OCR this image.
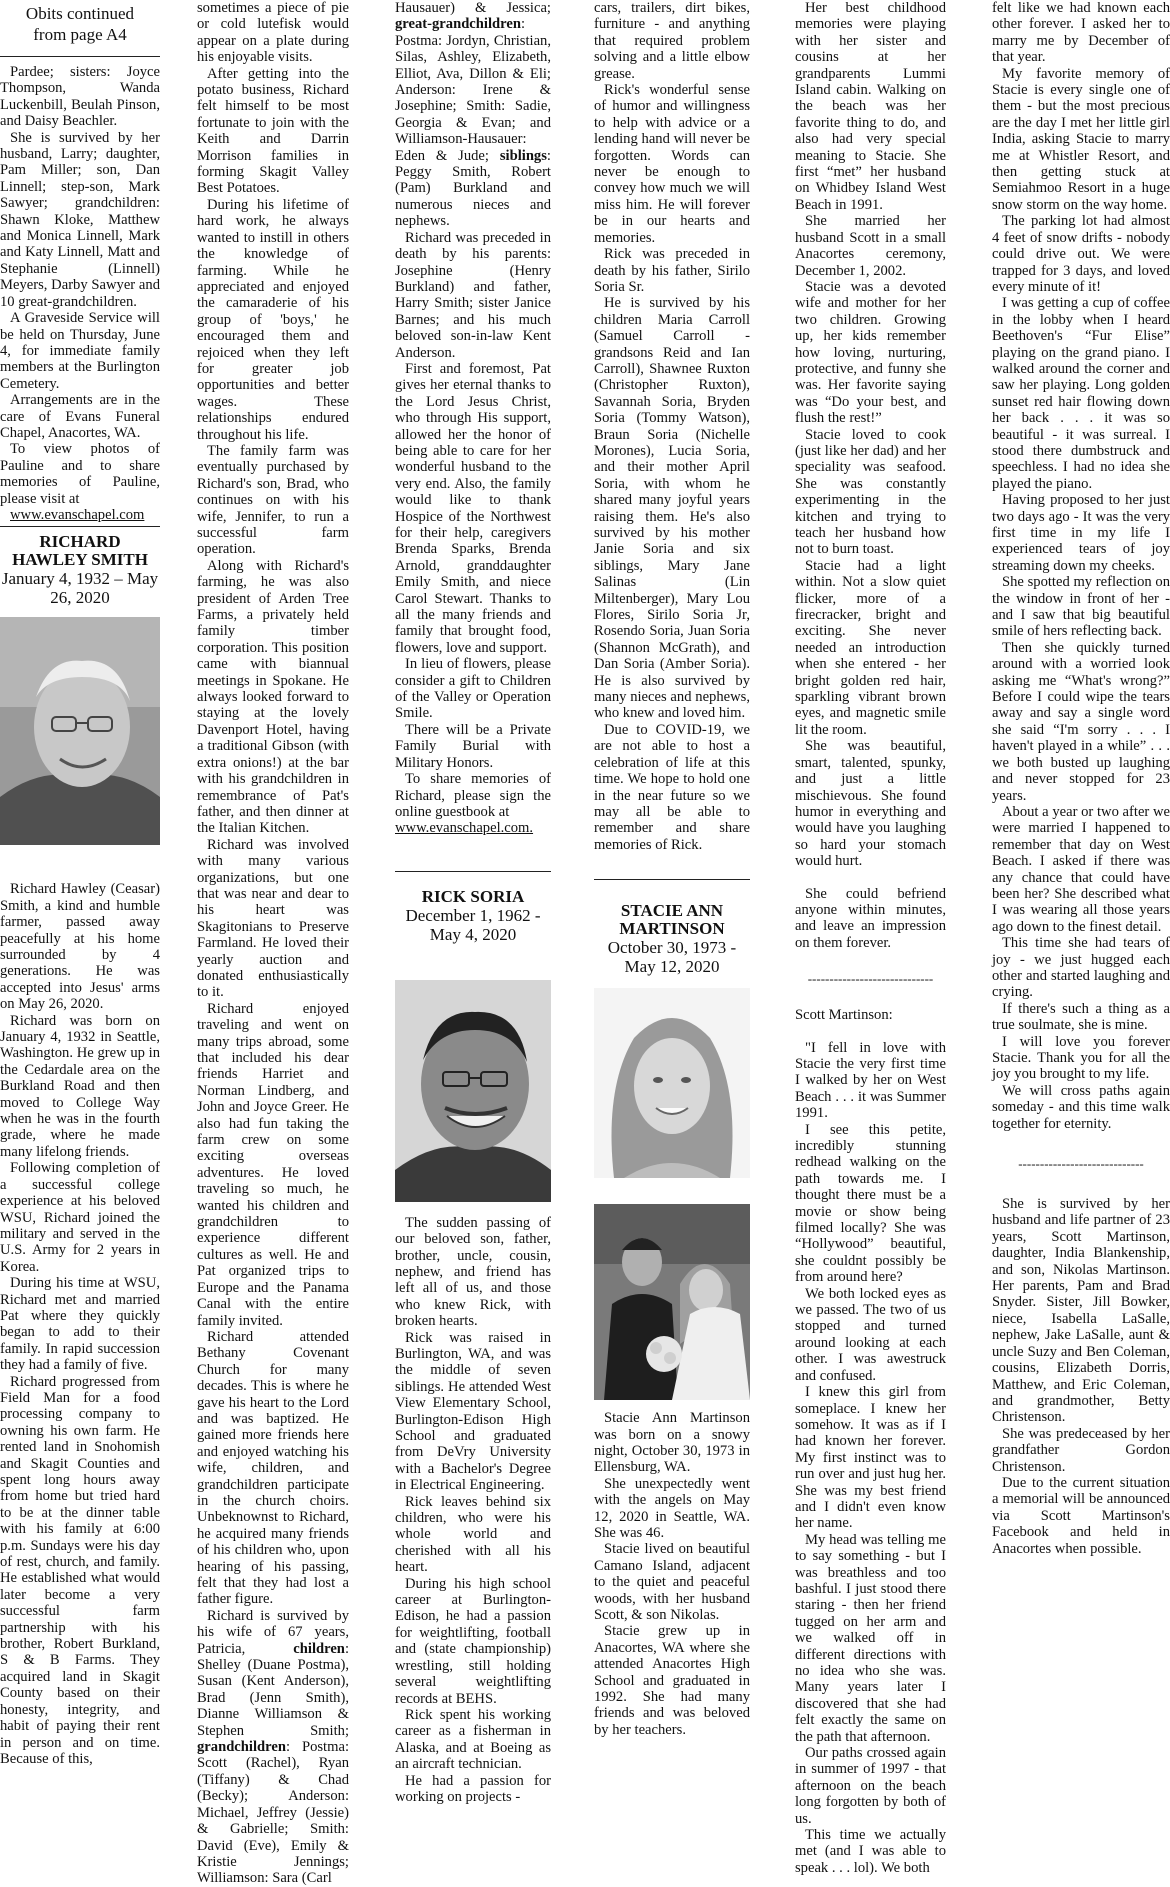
Obits continued
from page A4

Pardee; sisters: Joyce Thompson, Wanda Luckenbill, Beulah Pinson, and Daisy Beachler.

She is survived by her husband, Larry; daughter, Pam Miller; son, Dan Linnell; step-son, Mark Sawyer; grandchildren: Shawn Kloke, Matthew and Monica Linnell, Mark and Katy Linnell, Matt and Stephanie (Linnell) Meyers, Darby Sawyer and 10 great-grandchildren.

A Graveside Service will be held on Thursday, June 4, for immediate family members at the Burlington Cemetery.

Arrangements are in the care of Evans Funeral Chapel, Anacortes, WA.

To view photos of Pauline and to share memories of Pauline, please visit at

www.evanschapel.com

RICHARD HAWLEY SMITH
January 4, 1932 – May 26, 2020

Richard Hawley (Ceasar) Smith, a kind and humble farmer, passed away peacefully at his home surrounded by 4 generations. He was accepted into Jesus' arms on May 26, 2020.

Richard was born on January 4, 1932 in Seattle, Washington. He grew up in the Cedardale area on the Burkland Road and then moved to College Way when he was in the fourth grade, where he made many lifelong friends.

Following completion of a successful college experience at his beloved WSU, Richard joined the military and served in the U.S. Army for 2 years in Korea.

During his time at WSU, Richard met and married Pat where they quickly began to add to their family. In rapid succession they had a family of five.

Richard progressed from Field Man for a food processing company to owning his own farm. He rented land in Snohomish and Skagit Counties and spent long hours away from home but tried hard to be at the dinner table with his family at 6:00 p.m. Sundays were his day of rest, church, and family. He established what would later become a very successful farm partnership with his brother, Robert Burkland, S & B Farms. They acquired land in Skagit County based on their honesty, integrity, and habit of paying their rent in person and on time. Because of this,

sometimes a piece of pie or cold lutefisk would appear on a plate during his enjoyable visits.

After getting into the potato business, Richard felt himself to be most fortunate to join with the Keith and Darrin Morrison families in forming Skagit Valley Best Potatoes.

During his lifetime of hard work, he always wanted to instill in others the knowledge of farming. While he appreciated and enjoyed the camaraderie of his group of 'boys,' he encouraged them and rejoiced when they left for greater job opportunities and better wages. These relationships endured throughout his life.

The family farm was eventually purchased by Richard's son, Brad, who continues on with his wife, Jennifer, to run a successful farm operation.

Along with Richard's farming, he was also president of Arden Tree Farms, a privately held family timber corporation. This position came with biannual meetings in Spokane. He always looked forward to staying at the lovely Davenport Hotel, having a traditional Gibson (with extra onions!) at the bar with his grandchildren in remembrance of Pat's father, and then dinner at the Italian Kitchen.

Richard was involved with many various organizations, but one that was near and dear to his heart was Skagitonians to Preserve Farmland. He loved their yearly auction and donated enthusiastically to it.

Richard enjoyed traveling and went on many trips abroad, some that included his dear friends Harriet and Norman Lindberg, and John and Joyce Greer. He also had fun taking the farm crew on some exciting overseas adventures. He loved traveling so much, he wanted his children and grandchildren to experience different cultures as well. He and Pat organized trips to Europe and the Panama Canal with the entire family invited.

Richard attended Bethany Covenant Church for many decades. This is where he gave his heart to the Lord and was baptized. He gained more friends here and enjoyed watching his wife, children, and grandchildren participate in the church choirs. Unbeknownst to Richard, he acquired many friends of his children who, upon hearing of his passing, felt that they had lost a father figure.

Richard is survived by his wife of 67 years, Patricia,	children: Shelley (Duane Postma), Susan (Kent Anderson), Brad (Jenn Smith), Dianne Williamson & Stephen Smith; grandchildren: Postma: Scott (Rachel), Ryan (Tiffany) & Chad (Becky); Anderson: Michael, Jeffrey (Jessie) & Gabrielle; Smith: David (Eve), Emily & Kristie Jennings; Williamson: Sara (Carl

Hausauer) & Jessica; great-grandchildren: Postma: Jordyn, Christian, Silas, Ashley, Elizabeth, Elliot, Ava, Dillon & Eli; Anderson: Irene & Josephine; Smith: Sadie, Georgia & Evan; and Williamson-Hausauer: Eden & Jude; siblings: Peggy Smith, Robert (Pam) Burkland and numerous nieces and nephews.

Richard was preceded in death by his parents: Josephine (Henry Burkland) and father, Harry Smith; sister Janice Barnes; and his much beloved son-in-law Kent Anderson.

First and foremost, Pat gives her eternal thanks to the Lord Jesus Christ, who through His support, allowed her the honor of being able to care for her wonderful husband to the very end. Also, the family would like to thank Hospice of the Northwest for their help, caregivers Brenda Sparks, Brenda Arnold, granddaughter Emily Smith, and niece Carol Stewart. Thanks to all the many friends and family that brought food, flowers, love and support.

In lieu of flowers, please consider a gift to Children of the Valley or Operation Smile.

There will be a Private Family Burial with Military Honors.

To share memories of Richard, please sign the online guestbook at

www.evanschapel.com.

RICK SORIA
December 1, 1962 - May 4, 2020

The sudden passing of our beloved son, father, brother, uncle, cousin, nephew, and friend has left all of us, and those who knew Rick, with broken hearts.

Rick was raised in Burlington, WA, and was the middle of seven siblings. He attended West View Elementary School, Burlington-Edison High School and graduated from DeVry University with a Bachelor's Degree in Electrical Engineering.

Rick leaves behind six children, who were his whole world and cherished with all his heart.

During his high school career at Burlington-Edison, he had a passion for weightlifting, football and (state championship) wrestling, still holding several weightlifting records at BEHS.

Rick spent his working career as a fisherman in Alaska, and at Boeing as an aircraft technician.

He had a passion for working on projects -

cars, trailers, dirt bikes, furniture - and anything that required problem solving and a little elbow grease.

Rick's wonderful sense of humor and willingness to help with advice or a lending hand will never be forgotten. Words can never be enough to convey how much we will miss him. He will forever be in our hearts and memories.

Rick was preceded in death by his father, Sirilo Soria Sr.

He is survived by his children Maria Carroll (Samuel Carroll - grandsons Reid and Ian Carroll), Shawnee Ruxton (Christopher Ruxton), Savannah Soria, Bryden Soria (Tommy Watson), Braun Soria (Nichelle Morones), Lucia Soria, and their mother April Soria, with whom he shared many joyful years raising them. He's also survived by his mother Janie Soria and six siblings, Mary Jane Salinas (Lin Miltenberger), Mary Lou Flores, Sirilo Soria Jr, Rosendo Soria, Juan Soria (Shannon McGrath), and Dan Soria (Amber Soria). He is also survived by many nieces and nephews, who knew and loved him.

Due to COVID-19, we are not able to host a celebration of life at this time. We hope to hold one in the near future so we may all be able to remember and share memories of Rick.

STACIE ANN MARTINSON
October 30, 1973 - May 12, 2020

Stacie Ann Martinson was born on a snowy night, October 30, 1973 in Ellensburg, WA.

She unexpectedly went with the angels on May 12, 2020 in Seattle, WA. She was 46.

Stacie lived on beautiful Camano Island, adjacent to the quiet and peaceful woods, with her husband Scott, & son Nikolas.

Stacie grew up in Anacortes, WA where she attended Anacortes High School and graduated in 1992. She had many friends and was beloved by her teachers.

Her best childhood memories were playing with her sister and cousins at her grandparents Lummi Island cabin. Walking on the beach was her favorite thing to do, and also had very special meaning to Stacie. She first “met” her husband on Whidbey Island West Beach in 1991.

She married her husband Scott in a small Anacortes ceremony, December 1, 2002.

Stacie was a devoted wife and mother for her two children. Growing up, her kids remember how loving, nurturing, protective, and funny she was. Her favorite saying was “Do your best, and flush the rest!”

Stacie loved to cook (just like her dad) and her speciality was seafood. She was constantly experimenting in the kitchen and trying to teach her husband how not to burn toast.

Stacie had a light within. Not a slow quiet flicker, more of a firecracker, bright and exciting. She never needed an introduction when she entered - her bright golden red hair, sparkling vibrant brown eyes, and magnetic smile lit the room.

She was beautiful, smart, talented, spunky, and just a little mischievous. She found humor in everything and would have you laughing so hard your stomach would hurt.

She could befriend anyone within minutes, and leave an impression on them forever.

-----------------------------

Scott Martinson:

"I fell in love with Stacie the very first time I walked by her on West Beach . . . it was Summer 1991.

I see this petite, incredibly stunning redhead walking on the path towards me. I thought there must be a movie or show being filmed locally? She was “Hollywood” beautiful, she couldnt possibly be from around here?

We both locked eyes as we passed. The two of us stopped and turned around looking at each other. I was awestruck and confused.

I knew this girl from someplace. I knew her somehow. It was as if I had known her forever. My first instinct was to run over and just hug her. She was my best friend and I didn't even know her name.

My head was telling me to say something - but I was breathless and too bashful. I just stood there staring - then her friend tugged on her arm and we walked off in different directions with no idea who she was. Many years later I discovered that she had felt exactly the same on the path that afternoon.

Our paths crossed again in summer of 1997 - that afternoon on the beach long forgotten by both of us.

This time we actually met (and I was able to speak . . . lol). We both

felt like we had known each other forever. I asked her to marry me by December of that year.

My favorite memory of Stacie is every single one of them - but the most precious are the day I met her little girl India, asking Stacie to marry me at Whistler Resort, and then getting stuck at Semiahmoo Resort in a huge snow storm on the way home.

The parking lot had almost 4 feet of snow drifts - nobody could drive out. We were trapped for 3 days, and loved every minute of it!

I was getting a cup of coffee in the lobby when I heard Beethoven's “Fur Elise” playing on the grand piano. I walked around the corner and saw her playing. Long golden sunset red hair flowing down her back . . . it was so beautiful - it was surreal. I stood there dumbstruck and speechless. I had no idea she played the piano.

Having proposed to her just two days ago - It was the very first time in my life I experienced tears of joy streaming down my cheeks.

She spotted my reflection on the window in front of her - and I saw that big beautiful smile of hers reflecting back.

Then she quickly turned around with a worried look asking me “What's wrong?” Before I could wipe the tears away and say a single word she said “I'm sorry . . . I haven't played in a while” . . . we both busted up laughing and never stopped for 23 years.

About a year or two after we were married I happened to remember that day on West Beach. I asked if there was any chance that could have been her? She described what I was wearing all those years ago down to the finest detail.

This time she had tears of joy - we just hugged each other and started laughing and crying.

If there's such a thing as a true soulmate, she is mine.

I will love you forever Stacie. Thank you for all the joy you brought to my life.

We will cross paths again someday - and this time walk together for eternity.

-----------------------------

She is survived by her husband and life partner of 23 years, Scott Martinson, daughter, India Blankenship, and son, Nikolas Martinson. Her parents, Pam and Brad Snyder. Sister, Jill Bowker, niece, Isabella LaSalle, nephew, Jake LaSalle, aunt & uncle Suzy and Ben Coleman, cousins, Elizabeth Dorris, Matthew, and Eric Coleman, and grandmother, Betty Christenson.

She was predeceased by her grandfather Gordon Christenson.

Due to the current situation a memorial will be announced via Scott Martinson's Facebook and held in Anacortes when possible.
